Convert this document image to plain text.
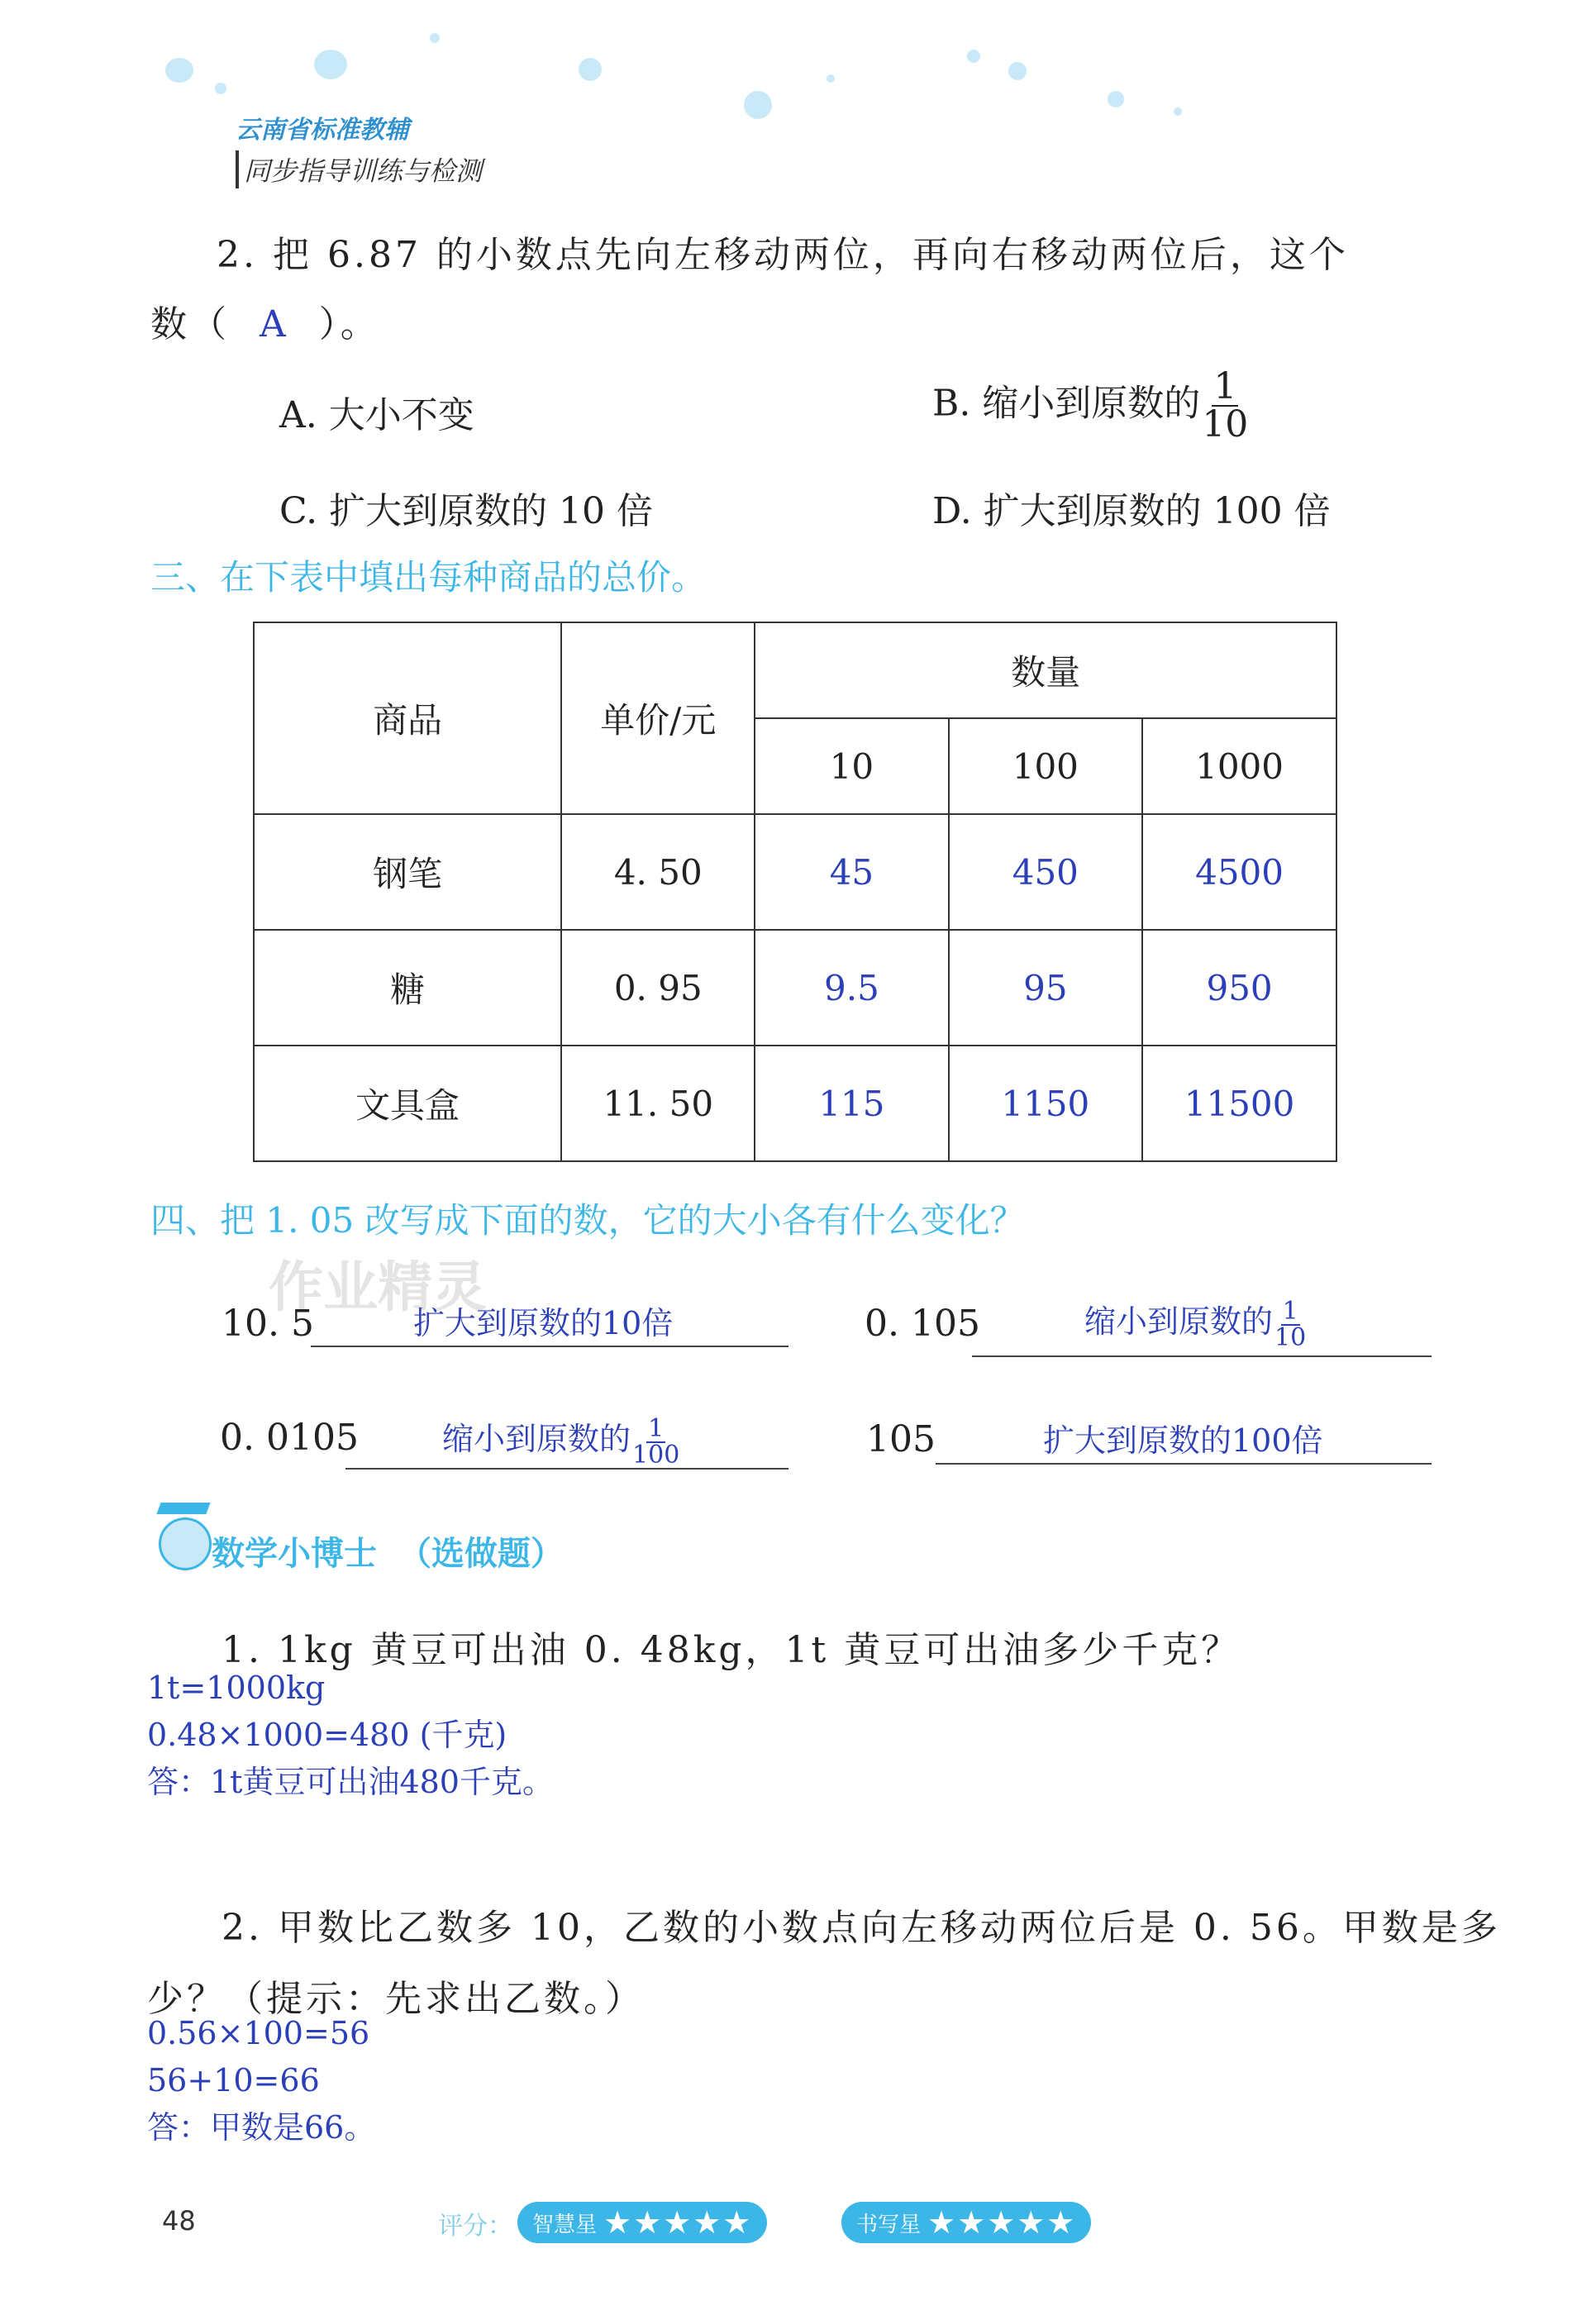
云南省标准教辅
同步指导训练与检测
2. 把 6.87 的小数点先向左移动两位，再向右移动两位后，这个
数（ A ）。
A. 大小不变	B. 缩小到原数的 $\frac{1}{10}$
C. 扩大到原数的 10 倍	D. 扩大到原数的 100 倍
三、在下表中填出每种商品的总价。
商品	单价/元	数量		
		10	100	1000
钢笔	4. 50	45	450	4500
糖	0. 95	9.5	95	950
文具盒	11. 50	115	1150	11500
四、把 1. 05 改写成下面的数，它的大小各有什么变化？
作业精灵
10. 5	扩大到原数的10倍	0. 105	缩小到原数的 $\frac{1}{10}$
0. 0105	缩小到原数的 $\frac{1}{100}$	105	扩大到原数的100倍
数学小博士 （选做题）
1. 1kg 黄豆可出油 0. 48kg，1t 黄豆可出油多少千克？
1t=1000kg
0.48×1000=480 (千克)
答：1t黄豆可出油480千克。
2. 甲数比乙数多 10，乙数的小数点向左移动两位后是 0. 56。甲数是多
少？（提示：先求出乙数。）
0.56×100=56
56+10=66
答：甲数是66。
48	评分： 智慧星 ★★★★★	书写星 ★★★★★
